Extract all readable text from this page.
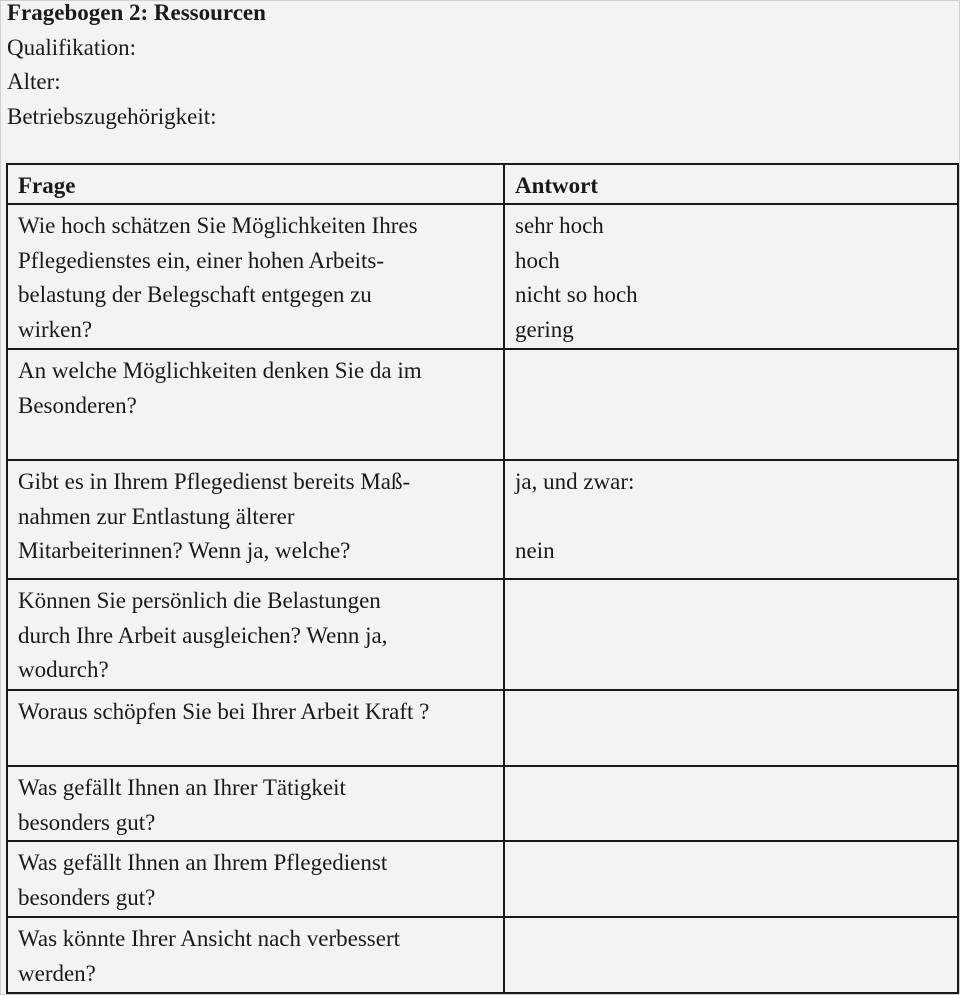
Fragebogen 2: Ressourcen
Qualifikation:
Alter:
Betriebszugehörigkeit:
Frage	Antwort

Wie hoch schätzen Sie Möglichkeiten Ihres
Pflegedienstes ein, einer hohen Arbeits-
belastung der Belegschaft entgegen zu
wirken?	sehr hoch
hoch
nicht so hoch
gering

An welche Möglichkeiten denken Sie da im
Besonderen?	

Gibt es in Ihrem Pflegedienst bereits Maß-
nahmen zur Entlastung älterer
Mitarbeiterinnen? Wenn ja, welche?	ja, und zwar:
nein

Können Sie persönlich die Belastungen
durch Ihre Arbeit ausgleichen? Wenn ja,
wodurch?	

Woraus schöpfen Sie bei Ihrer Arbeit Kraft ?	

Was gefällt Ihnen an Ihrer Tätigkeit
besonders gut?	

Was gefällt Ihnen an Ihrem Pflegedienst
besonders gut?	

Was könnte Ihrer Ansicht nach verbessert
werden?	
